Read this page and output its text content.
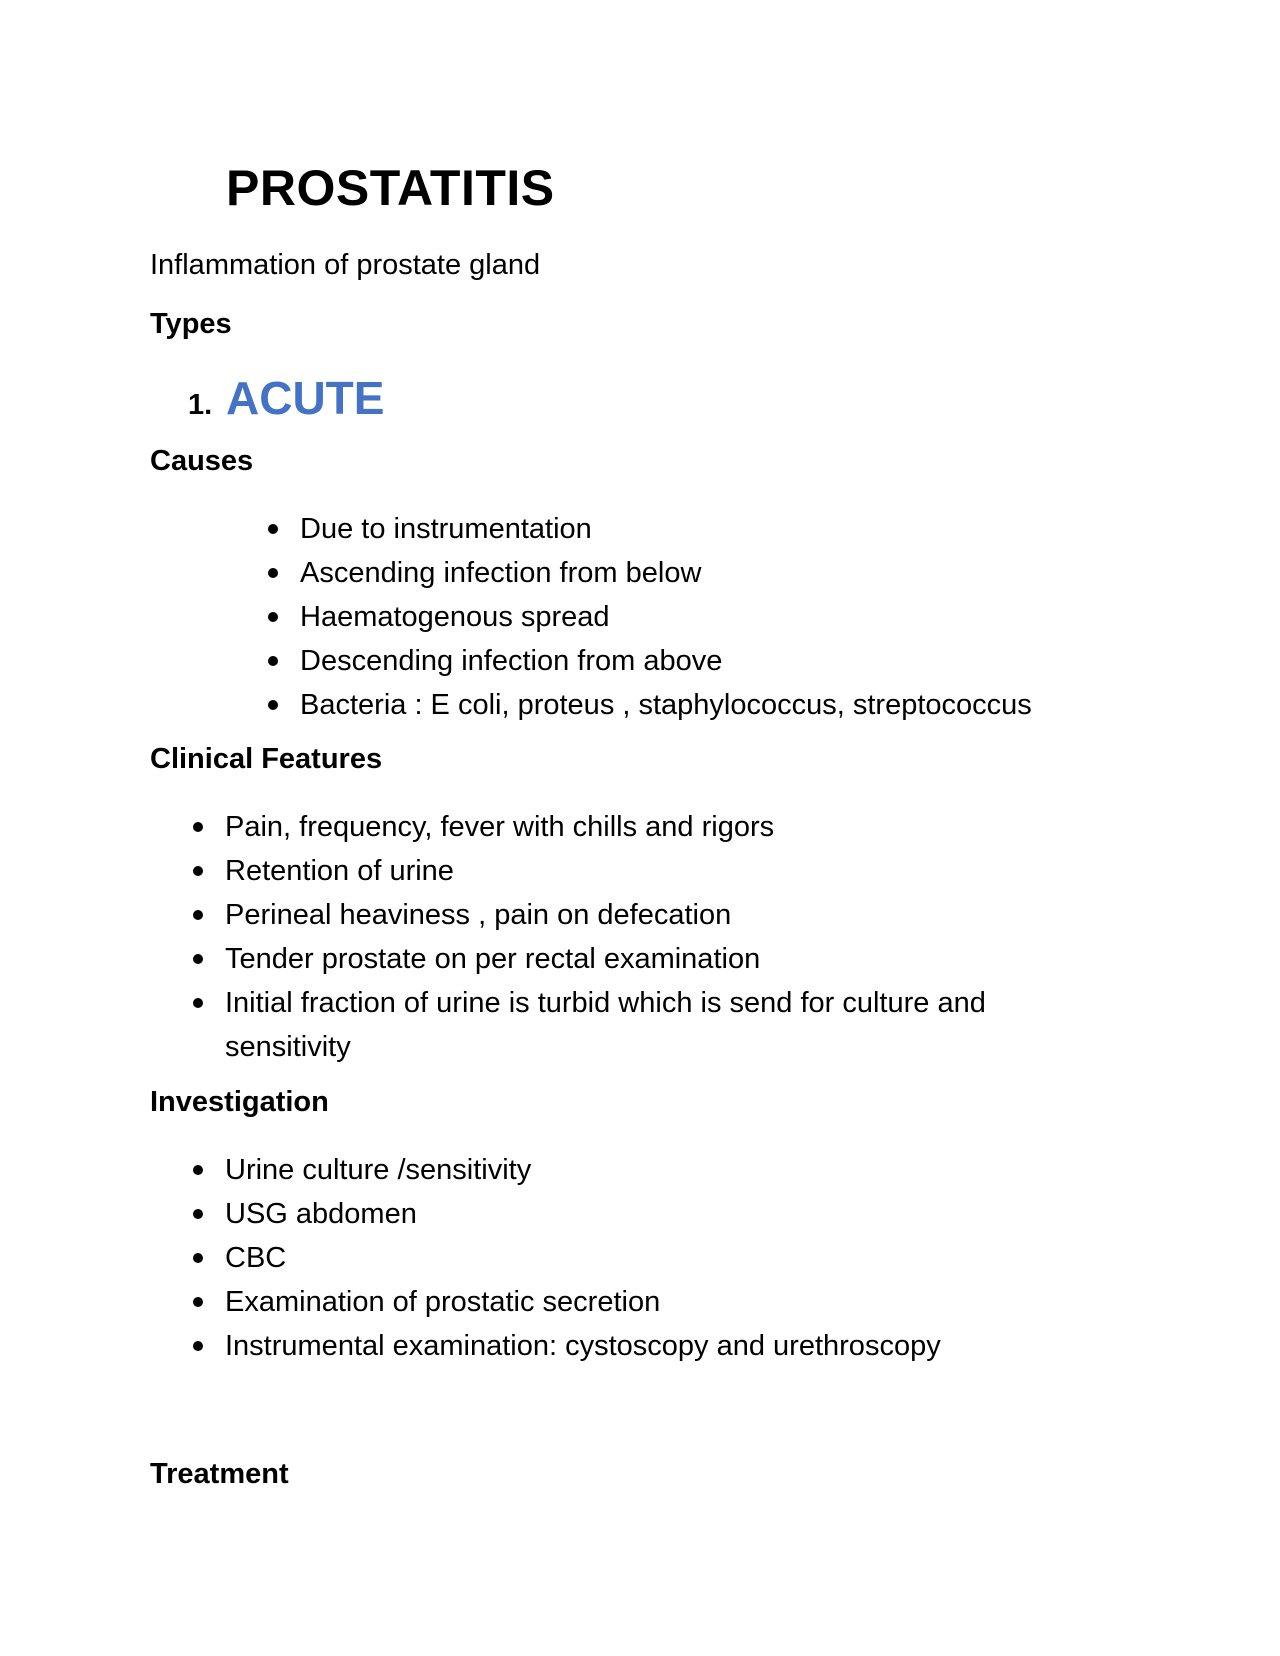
PROSTATITIS

Inflammation of prostate gland

Types

1. ACUTE

Causes

Due to instrumentation
Ascending infection from below
Haematogenous spread
Descending infection from above
Bacteria : E coli, proteus , staphylococcus, streptococcus

Clinical Features

Pain, frequency, fever with chills and rigors
Retention of urine
Perineal heaviness , pain on defecation
Tender prostate on per rectal examination
Initial fraction of urine is turbid which is send for culture and sensitivity

Investigation

Urine culture /sensitivity
USG abdomen
CBC
Examination of prostatic secretion
Instrumental examination: cystoscopy and urethroscopy

Treatment
